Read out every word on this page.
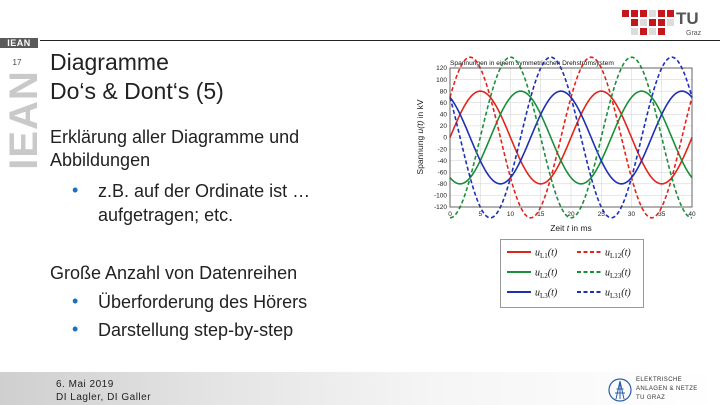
IEAN
17
IEAN
TU
Graz
Diagramme
Do‘s & Dont‘s (5)
Erklärung aller Diagramme und
Abbildungen
• z.B. auf der Ordinate ist …
aufgetragen; etc.
Große Anzahl von Datenreihen
• Überforderung des Hörers
• Darstellung step-by-step
Spannungen in einem symmetrischen Drehstromsystem
0	5	10	15	20	25	30	35	40
120
100
80
60
40
20
0
-20
-40
-60
-80
-100
-120
Zeit t in ms
Spannung u(t) in kV
$u_{L1}(t)$	$u_{L12}(t)$
$u_{L2}(t)$	$u_{L23}(t)$
$u_{L3}(t)$	$u_{L31}(t)$
6. Mai 2019
DI Lagler, DI Galler
ELEKTRISCHE
ANLAGEN & NETZE
TU GRAZ
